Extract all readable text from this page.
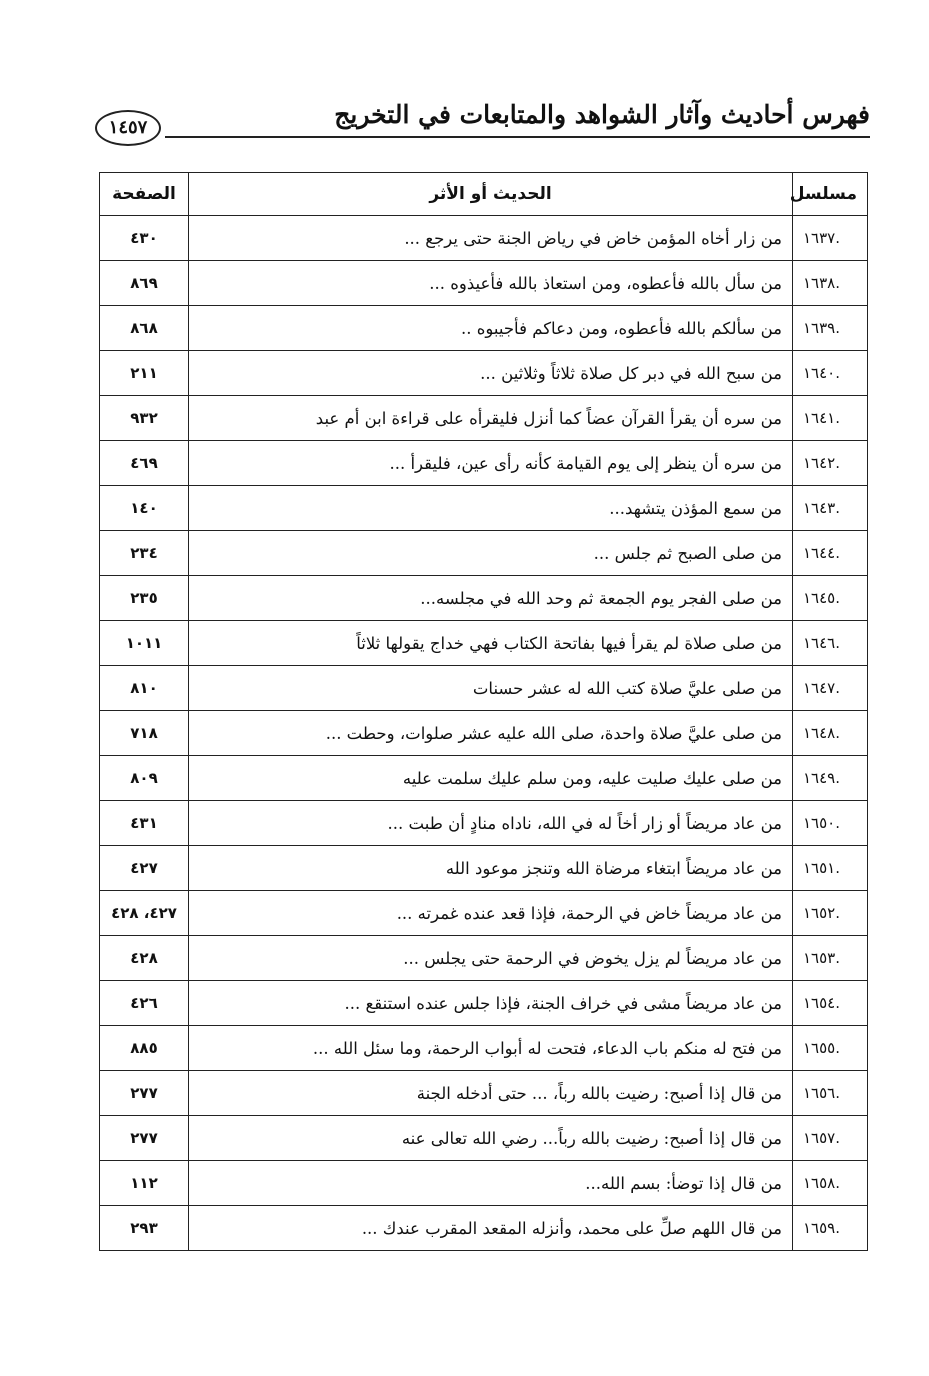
فهرس أحاديث وآثار الشواهد والمتابعات في التخريج
١٤٥٧
مسلسل	الحديث أو الأثر	الصفحة
١٦٣٧.	من زار أخاه المؤمن خاض في رياض الجنة حتى يرجع ...	٤٣٠
١٦٣٨.	من سأل بالله فأعطوه، ومن استعاذ بالله فأعيذوه ...	٨٦٩
١٦٣٩.	من سألكم بالله فأعطوه، ومن دعاكم فأجيبوه ..	٨٦٨
١٦٤٠.	من سبح الله في دبر كل صلاة ثلاثاً وثلاثين ...	٢١١
١٦٤١.	من سره أن يقرأ القرآن عضاً كما أنزل فليقرأه على قراءة ابن أم عبد	٩٣٢
١٦٤٢.	من سره أن ينظر إلى يوم القيامة كأنه رأى عين، فليقرأ ...	٤٦٩
١٦٤٣.	من سمع المؤذن يتشهد...	١٤٠
١٦٤٤.	من صلى الصبح ثم جلس ...	٢٣٤
١٦٤٥.	من صلى الفجر يوم الجمعة ثم وحد الله في مجلسه...	٢٣٥
١٦٤٦.	من صلى صلاة لم يقرأ فيها بفاتحة الكتاب فهي خداج يقولها ثلاثاً	١٠١١
١٦٤٧.	من صلى عليَّ صلاة كتب الله له عشر حسنات	٨١٠
١٦٤٨.	من صلى عليَّ صلاة واحدة، صلى الله عليه عشر صلوات، وحطت ...	٧١٨
١٦٤٩.	من صلى عليك صليت عليه، ومن سلم عليك سلمت عليه	٨٠٩
١٦٥٠.	من عاد مريضاً أو زار أخاً له في الله، ناداه منادٍ أن طبت ...	٤٣١
١٦٥١.	من عاد مريضاً ابتغاء مرضاة الله وتنجز موعود الله	٤٢٧
١٦٥٢.	من عاد مريضاً خاض في الرحمة، فإذا قعد عنده غمرته ...	٤٢٧، ٤٢٨
١٦٥٣.	من عاد مريضاً لم يزل يخوض في الرحمة حتى يجلس ...	٤٢٨
١٦٥٤.	من عاد مريضاً مشى في خراف الجنة، فإذا جلس عنده استنقع ...	٤٢٦
١٦٥٥.	من فتح له منكم باب الدعاء، فتحت له أبواب الرحمة، وما سئل الله ...	٨٨٥
١٦٥٦.	من قال إذا أصبح: رضيت بالله رباً، ... حتى أدخله الجنة	٢٧٧
١٦٥٧.	من قال إذا أصبح: رضيت بالله رباً... رضي الله تعالى عنه	٢٧٧
١٦٥٨.	من قال إذا توضأ: بسم الله...	١١٢
١٦٥٩.	من قال اللهم صلِّ على محمد، وأنزله المقعد المقرب عندك ...	٢٩٣
